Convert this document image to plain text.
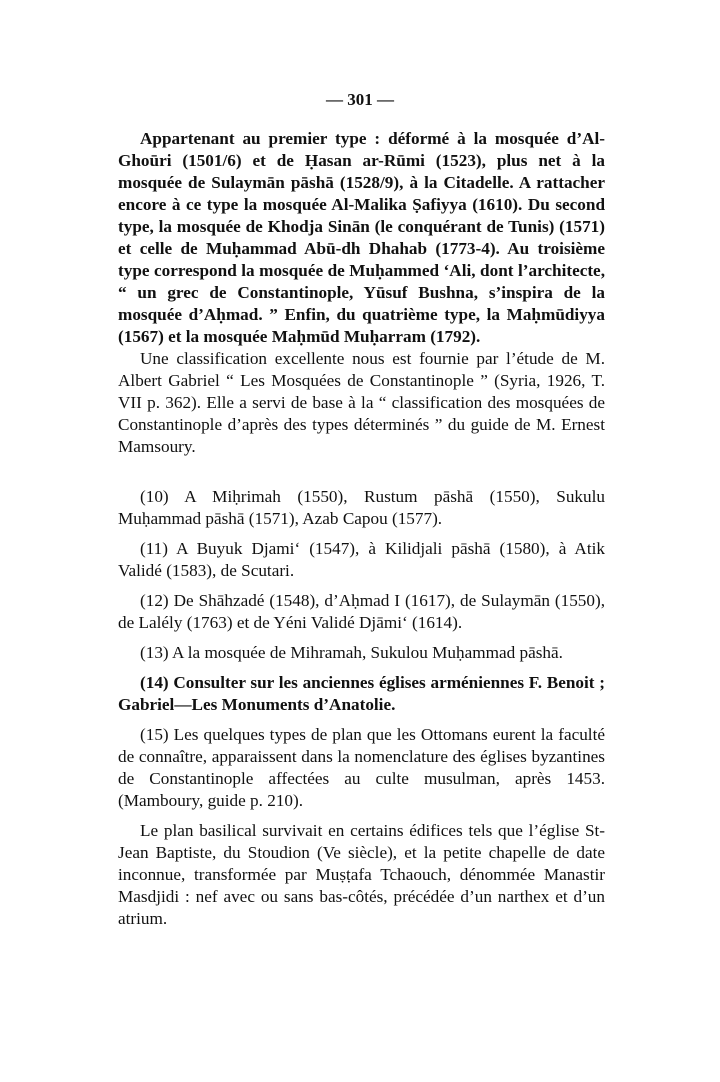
— 301 —

Appartenant au premier type : déformé à la mosquée d’Al-Ghoūri (1501/6) et de Ḥasan ar-Rūmi (1523), plus net à la mosquée de Sulaymān pāshā (1528/9), à la Citadelle. A rattacher encore à ce type la mosquée Al-Malika Ṣafiyya (1610). Du second type, la mosquée de Khodja Sinān (le conquérant de Tunis) (1571) et celle de Muḥammad Abū-dh Dhahab (1773-4). Au troisième type correspond la mosquée de Muḥammed ‘Ali, dont l’architecte, “ un grec de Constantinople, Yūsuf Bushna, s’inspira de la mosquée d’Aḥmad. ” Enfin, du quatrième type, la Maḥmūdiyya (1567) et la mosquée Maḥmūd Muḥarram (1792).

Une classification excellente nous est fournie par l’étude de M. Albert Gabriel “ Les Mosquées de Constantinople ” (Syria, 1926, T. VII p. 362). Elle a servi de base à la “ classification des mosquées de Constantinople d’après des types déterminés ” du guide de M. Ernest Mamsoury.

(10) A Miḥrimah (1550), Rustum pāshā (1550), Sukulu Muḥammad pāshā (1571), Azab Capou (1577).

(11) A Buyuk Djami‘ (1547), à Kilidjali pāshā (1580), à Atik Validé (1583), de Scutari.

(12) De Shāhzadé (1548), d’Aḥmad I (1617), de Sulaymān (1550), de Lalély (1763) et de Yéni Validé Djāmi‘ (1614).

(13) A la mosquée de Mihramah, Sukulou Muḥammad pāshā.

(14) Consulter sur les anciennes églises arméniennes F. Benoit ; Gabriel—Les Monuments d’Anatolie.

(15) Les quelques types de plan que les Ottomans eurent la faculté de connaître, apparaissent dans la nomenclature des églises byzantines de Constantinople affectées au culte musulman, après 1453. (Mamboury, guide p. 210).

Le plan basilical survivait en certains édifices tels que l’église St-Jean Baptiste, du Stoudion (Ve siècle), et la petite chapelle de date inconnue, transformée par Muṣṭafa Tchaouch, dénommée Manastir Masdjidi : nef avec ou sans bas-côtés, précédée d’un narthex et d’un atrium.
